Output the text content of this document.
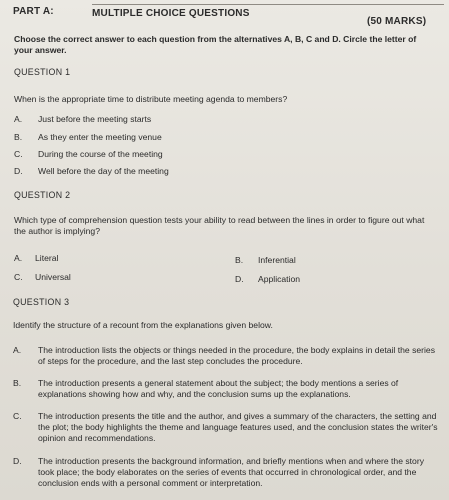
PART A:	MULTIPLE CHOICE QUESTIONS
(50 MARKS)
Choose the correct answer to each question from the alternatives A, B, C and D. Circle the letter of your answer.
QUESTION 1
When is the appropriate time to distribute meeting agenda to members?
A. Just before the meeting starts
B. As they enter the meeting venue
C. During the course of the meeting
D. Well before the day of the meeting
QUESTION 2
Which type of comprehension question tests your ability to read between the lines in order to figure out what the author is implying?
A. Literal	B. Inferential
C. Universal	D. Application
QUESTION 3
Identify the structure of a recount from the explanations given below.
A. The introduction lists the objects or things needed in the procedure, the body explains in detail the series of steps for the procedure, and the last step concludes the procedure.
B. The introduction presents a general statement about the subject; the body mentions a series of explanations showing how and why, and the conclusion sums up the explanations.
C. The introduction presents the title and the author, and gives a summary of the characters, the setting and the plot; the body highlights the theme and language features used, and the conclusion states the writer's opinion and recommendations.
D. The introduction presents the background information, and briefly mentions when and where the story took place; the body elaborates on the series of events that occurred in chronological order, and the conclusion ends with a personal comment or interpretation.
